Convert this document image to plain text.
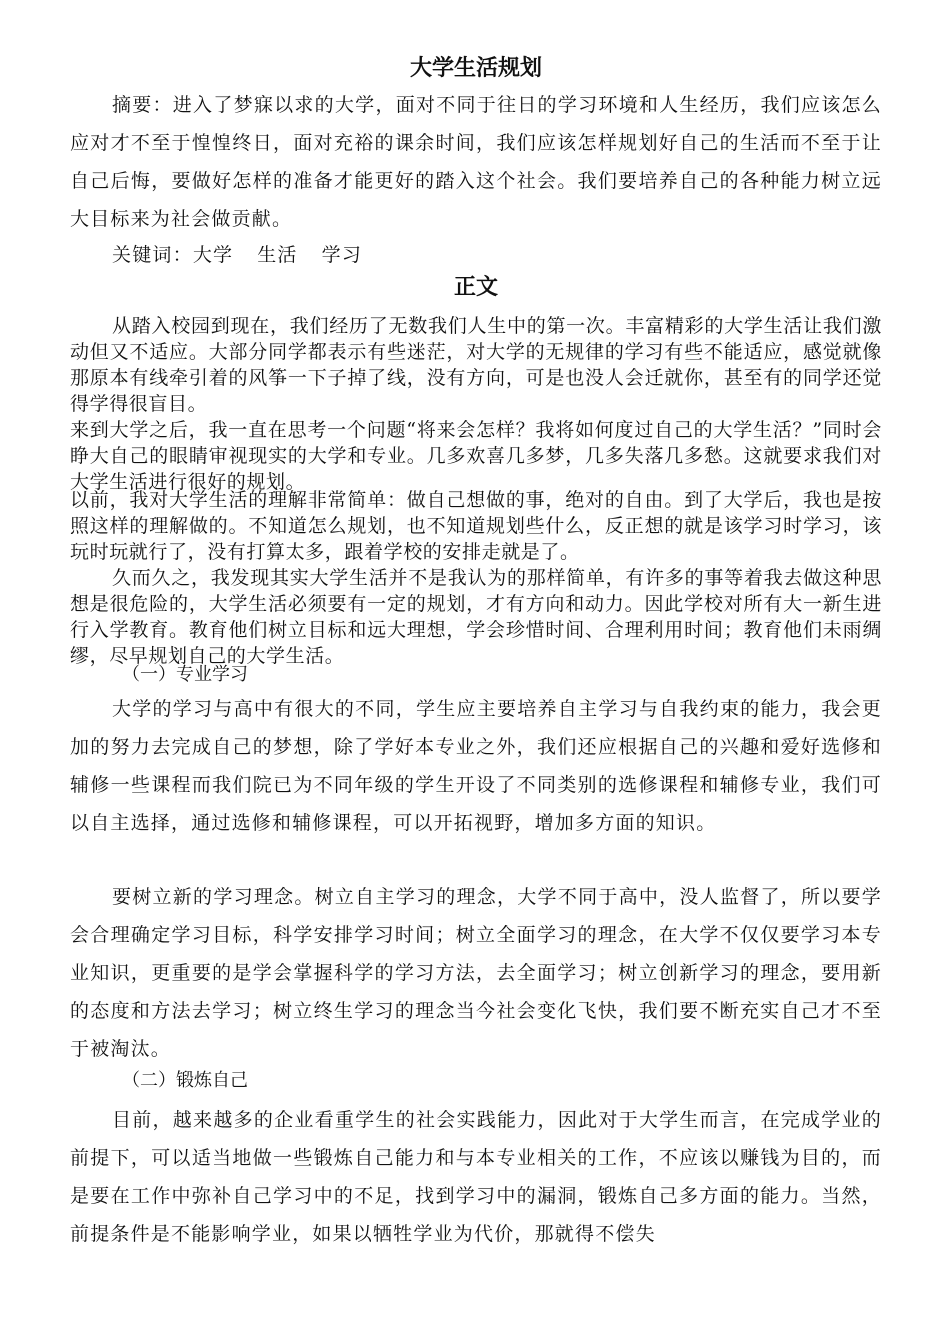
大学生活规划

摘要：进入了梦寐以求的大学，面对不同于往日的学习环境和人生经历，我们应该怎么应对才不至于惶惶终日，面对充裕的课余时间，我们应该怎样规划好自己的生活而不至于让自己后悔，要做好怎样的准备才能更好的踏入这个社会。我们要培养自己的各种能力树立远大目标来为社会做贡献。

关键词：大学 生活 学习

正文

从踏入校园到现在，我们经历了无数我们人生中的第一次。丰富精彩的大学生活让我们激动但又不适应。大部分同学都表示有些迷茫，对大学的无规律的学习有些不能适应，感觉就像那原本有线牵引着的风筝一下子掉了线，没有方向，可是也没人会迁就你，甚至有的同学还觉得学得很盲目。

来到大学之后，我一直在思考一个问题“将来会怎样？我将如何度过自己的大学生活？”同时会睁大自己的眼睛审视现实的大学和专业。几多欢喜几多梦，几多失落几多愁。这就要求我们对大学生活进行很好的规划。

以前，我对大学生活的理解非常简单：做自己想做的事，绝对的自由。到了大学后，我也是按照这样的理解做的。不知道怎么规划，也不知道规划些什么，反正想的就是该学习时学习，该玩时玩就行了，没有打算太多，跟着学校的安排走就是了。

久而久之，我发现其实大学生活并不是我认为的那样简单，有许多的事等着我去做这种思想是很危险的，大学生活必须要有一定的规划，才有方向和动力。因此学校对所有大一新生进行入学教育。教育他们树立目标和远大理想，学会珍惜时间、合理利用时间；教育他们未雨绸缪，尽早规划自己的大学生活。

（一）专业学习

大学的学习与高中有很大的不同，学生应主要培养自主学习与自我约束的能力，我会更加的努力去完成自己的梦想，除了学好本专业之外，我们还应根据自己的兴趣和爱好选修和辅修一些课程而我们院已为不同年级的学生开设了不同类别的选修课程和辅修专业，我们可以自主选择，通过选修和辅修课程，可以开拓视野，增加多方面的知识。

要树立新的学习理念。树立自主学习的理念，大学不同于高中，没人监督了，所以要学会合理确定学习目标，科学安排学习时间；树立全面学习的理念，在大学不仅仅要学习本专业知识，更重要的是学会掌握科学的学习方法，去全面学习；树立创新学习的理念，要用新的态度和方法去学习；树立终生学习的理念当今社会变化飞快，我们要不断充实自己才不至于被淘汰。

（二）锻炼自己

目前，越来越多的企业看重学生的社会实践能力，因此对于大学生而言，在完成学业的前提下，可以适当地做一些锻炼自己能力和与本专业相关的工作，不应该以赚钱为目的，而是要在工作中弥补自己学习中的不足，找到学习中的漏洞，锻炼自己多方面的能力。当然，前提条件是不能影响学业，如果以牺牲学业为代价，那就得不偿失
